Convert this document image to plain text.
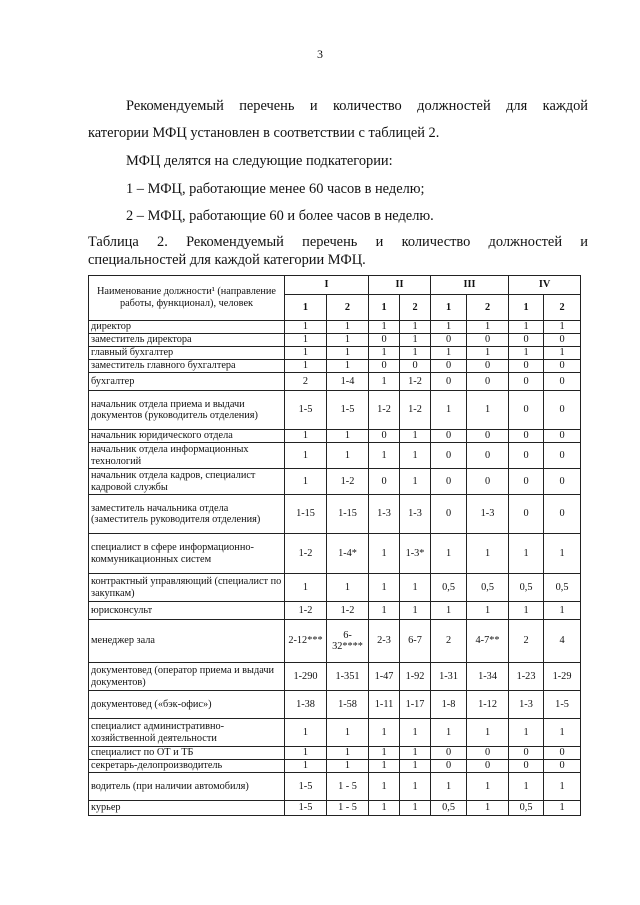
3
Рекомендуемый перечень и количество должностей для каждой
категории МФЦ установлен в соответствии с таблицей 2.
МФЦ делятся на следующие подкатегории:
1 – МФЦ, работающие менее 60 часов в неделю;
2 – МФЦ, работающие 60 и более часов в неделю.
Таблица 2. Рекомендуемый перечень и количество должностей и
специальностей для каждой категории МФЦ.
Наименование должности¹ (направление работы, функционал), человек	I		II		III		IV	
	1	2	1	2	1	2	1	2
директор	1	1	1	1	1	1	1	1
заместитель директора	1	1	0	1	0	0	0	0
главный бухгалтер	1	1	1	1	1	1	1	1
заместитель главного бухгалтера	1	1	0	0	0	0	0	0
бухгалтер	2	1-4	1	1-2	0	0	0	0
начальник отдела приема и выдачи документов (руководитель отделения)	1-5	1-5	1-2	1-2	1	1	0	0
начальник юридического отдела	1	1	0	1	0	0	0	0
начальник отдела информационных технологий	1	1	1	1	0	0	0	0
начальник отдела кадров, специалист кадровой службы	1	1-2	0	1	0	0	0	0
заместитель начальника отдела (заместитель руководителя отделения)	1-15	1-15	1-3	1-3	0	1-3	0	0
специалист в сфере информационно-коммуникационных систем	1-2	1-4*	1	1-3*	1	1	1	1
контрактный управляющий (специалист по закупкам)	1	1	1	1	0,5	0,5	0,5	0,5
юрисконсульт	1-2	1-2	1	1	1	1	1	1
менеджер зала	2-12***	6-32****	2-3	6-7	2	4-7**	2	4
документовед (оператор приема и выдачи документов)	1-290	1-351	1-47	1-92	1-31	1-34	1-23	1-29
документовед («бэк-офис»)	1-38	1-58	1-11	1-17	1-8	1-12	1-3	1-5
специалист административно-хозяйственной деятельности	1	1	1	1	1	1	1	1
специалист по ОТ и ТБ	1	1	1	1	0	0	0	0
секретарь-делопроизводитель	1	1	1	1	0	0	0	0
водитель (при наличии автомобиля)	1-5	1 - 5	1	1	1	1	1	1
курьер	1-5	1 - 5	1	1	0,5	1	0,5	1
